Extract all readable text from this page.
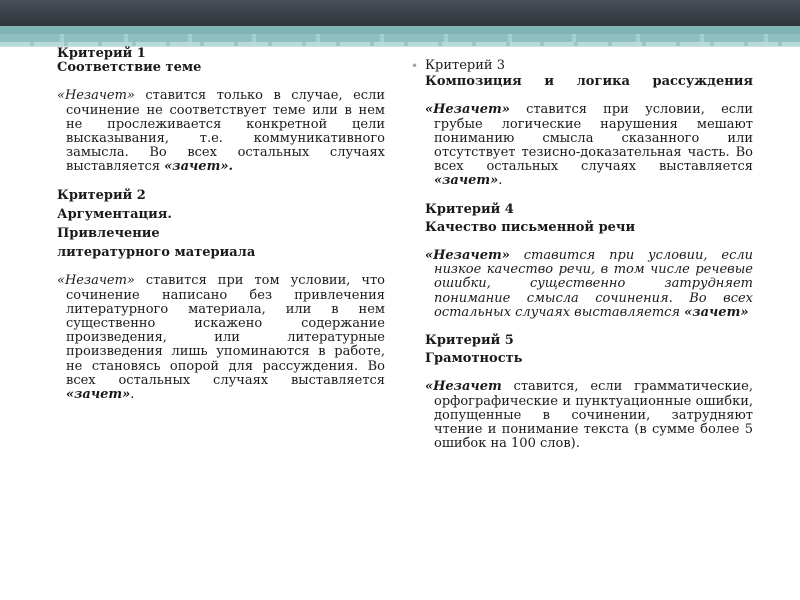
Критерий 1

Соответствие теме

«Незачет» ставится только в случае, если сочинение не соответствует теме или в нем не прослеживается конкретной цели высказывания, т.е. коммуникативного замысла. Во всех остальных случаях выставляется «зачет».

Критерий 2

Аргументация.

Привлечение

литературного материала

«Незачет» ставится при том условии, что сочинение написано без привлечения литературного материала, или в нем существенно искажено содержание произведения, или литературные произведения лишь упоминаются в работе, не становясь опорой для рассуждения. Во всех остальных случаях выставляется «зачет».

• Критерий 3

Композиция и логика рассуждения

«Незачет» ставится при условии, если грубые логические нарушения мешают пониманию смысла сказанного или отсутствует тезисно-доказательная часть. Во всех остальных случаях выставляется «зачет».

Критерий 4

Качество письменной речи

«Незачет» ставится при условии, если низкое качество речи, в том числе речевые ошибки, существенно затрудняет понимание смысла сочинения. Во всех остальных случаях выставляется «зачет»

Критерий 5

Грамотность

«Незачет ставится, если грамматические, орфографические и пунктуационные ошибки, допущенные в сочинении, затрудняют чтение и понимание текста (в сумме более 5 ошибок на 100 слов).
